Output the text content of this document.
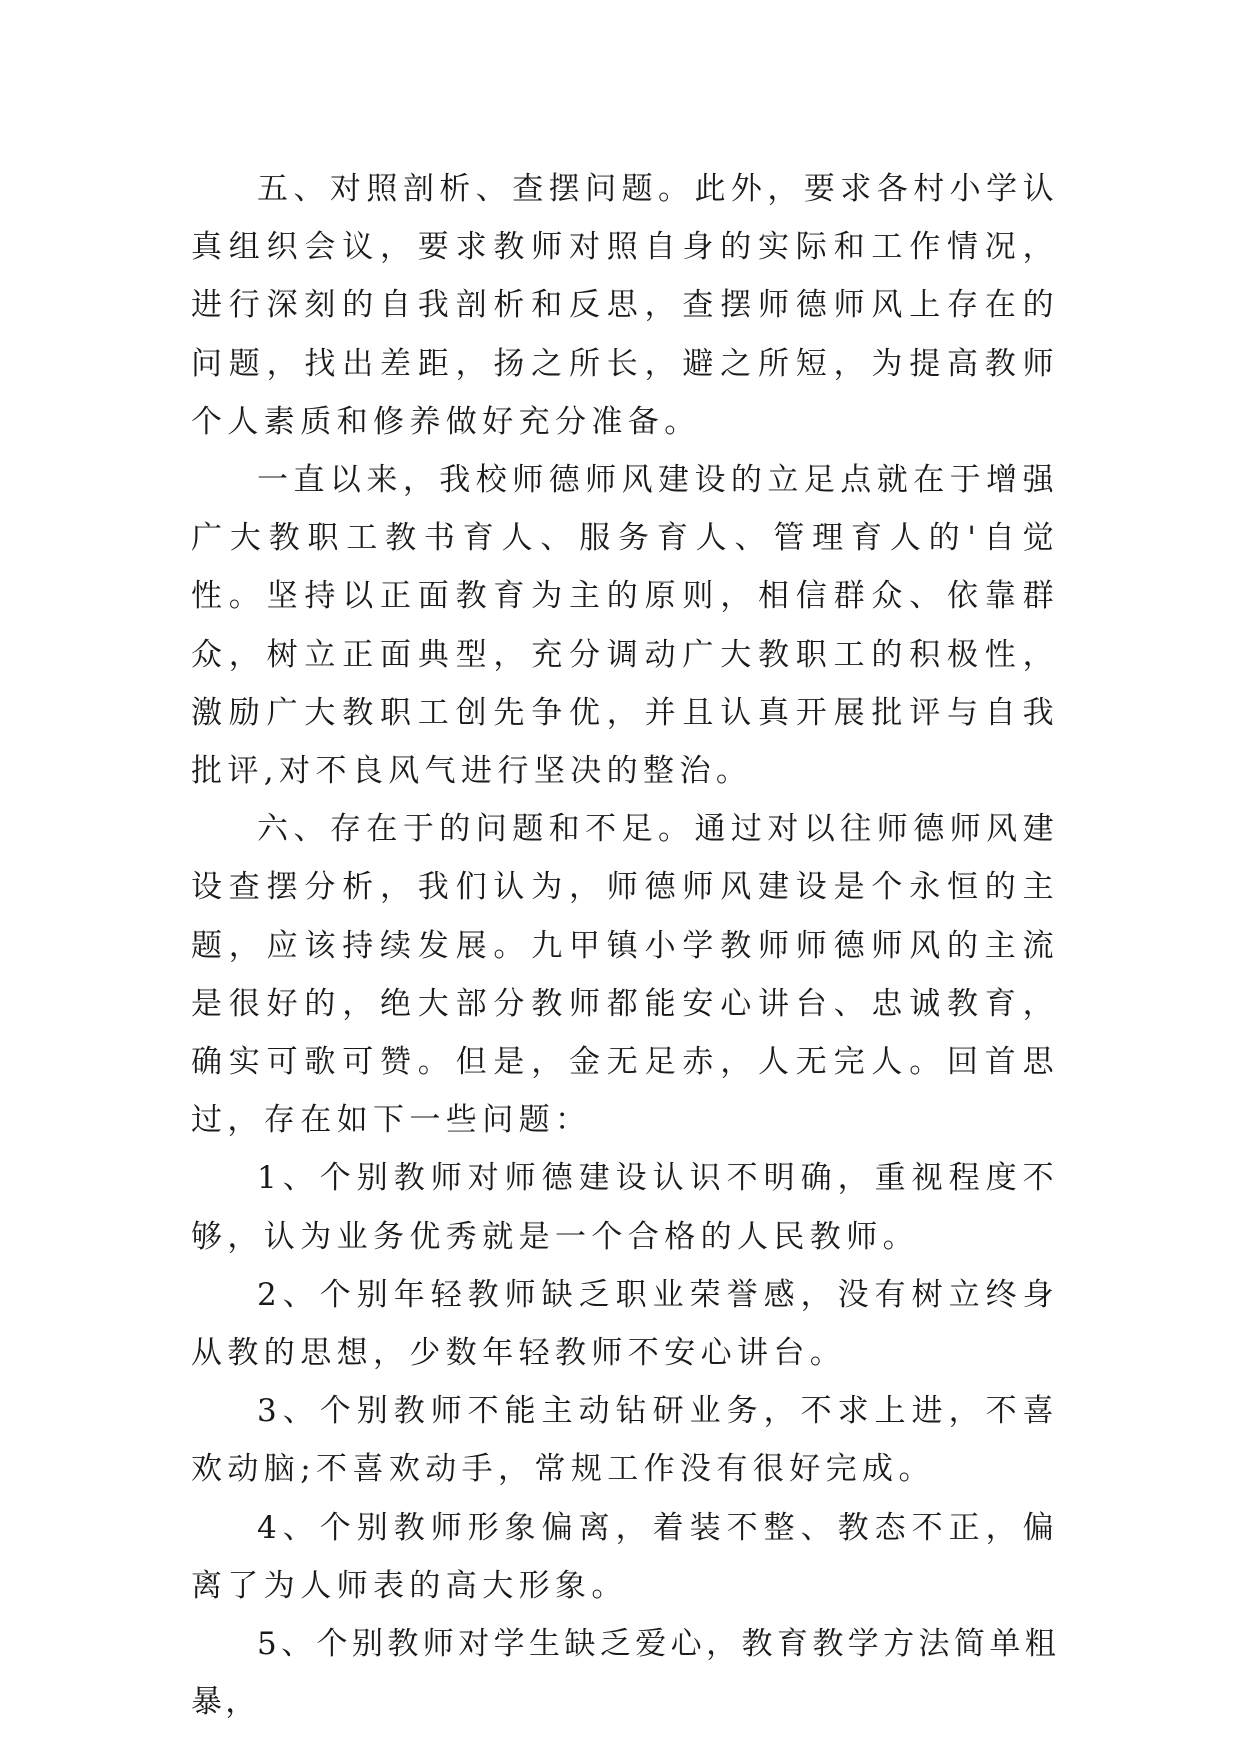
五、对照剖析、查摆问题。此外，要求各村小学认真组织会议，要求教师对照自身的实际和工作情况，进行深刻的自我剖析和反思，查摆师德师风上存在的问题，找出差距，扬之所长，避之所短，为提高教师个人素质和修养做好充分准备。

一直以来，我校师德师风建设的立足点就在于增强广大教职工教书育人、服务育人、管理育人的'自觉性。坚持以正面教育为主的原则，相信群众、依靠群众，树立正面典型，充分调动广大教职工的积极性，激励广大教职工创先争优，并且认真开展批评与自我批评,对不良风气进行坚决的整治。

六、存在于的问题和不足。通过对以往师德师风建设查摆分析，我们认为，师德师风建设是个永恒的主题，应该持续发展。九甲镇小学教师师德师风的主流是很好的，绝大部分教师都能安心讲台、忠诚教育，确实可歌可赞。但是，金无足赤，人无完人。回首思过，存在如下一些问题：

1、个别教师对师德建设认识不明确，重视程度不够，认为业务优秀就是一个合格的人民教师。

2、个别年轻教师缺乏职业荣誉感，没有树立终身从教的思想，少数年轻教师不安心讲台。

3、个别教师不能主动钻研业务，不求上进，不喜欢动脑;不喜欢动手，常规工作没有很好完成。

4、个别教师形象偏离，着装不整、教态不正，偏离了为人师表的高大形象。

5、个别教师对学生缺乏爱心，教育教学方法简单粗暴，
